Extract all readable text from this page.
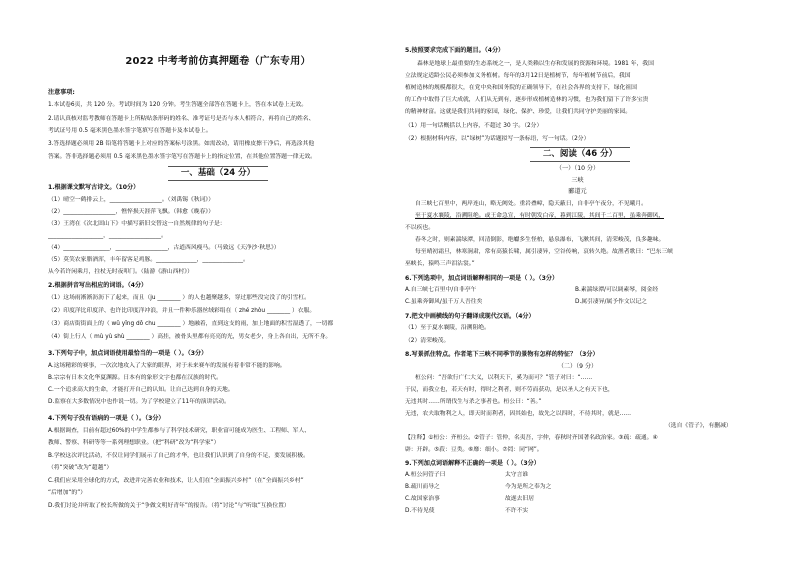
2022 中考考前仿真押题卷（广东专用）
注意事项:
1.本试卷6页，共 120 分。考试时间为 120 分钟。考生答题全部答在答题卡上，答在本试卷上无效。
2.请认真核对监考教师在答题卡上所粘贴条形码的姓名、准考证号是否与本人相符合，再将自己的姓名、
考试证号用 0.5 毫米黑色墨水签字笔填写在答题卡及本试卷上。
3.答选择题必须用 2B 铅笔将答题卡上对应的答案标号涂黑。如需改动，请用橡皮擦干净后，再选涂其他
答案。答非选择题必须用 0.5 毫米黑色墨水签字笔写在答题卡上的指定位置，在其他位置答题一律无效。
一、基础（24 分）
1.根据课文默写古诗文。（10分）
（1）晴空一鹤排云上，__________________。（刘禹锡《秋词》）
（2）__________________，憔悴损天涯萍飞飘。（韩愈《晚春》）
（3）王湾在《次北固山下》中描写新旧交替这一自然规律的句子是：
___________________，__________________。
（4）________________，__________________，古道西风瘦马。（马致远《天净沙·秋思》）
（5）莫笑农家腊酒浑，丰年留客足鸡豚。______________，______________。
从今若许闲乘月，拄杖无时夜叩门。（陆游《游山西村》）
2.根据拼音写出相应的词语。（4分）
（1）这场雨淅淅沥沥下了起来，而且（ju ________ ）的人也越聚越多，穿过那些没完没了的引雪杠。
（2）印度洋比印度洋、也许比印度洋冲浪，并且一件种乐器丝绒彩绢在（ zhé zhòu ________ ）衣服。
（3）商店街街面上的（ wǔ yǐng dǒ chu ________ ）地融着，直到这支的雨，加上地面的积雪湿透了，一切都
（4）街上行人（ mù yù shù ________ ）高挂，被骨头里都有亮亮的光，男女老少，身上各自出，无所不身。
3.下列句子中，加点词语使用最恰当的一项是（ ）。（3分）
A.这场精彩的赛事，一次次地攻入了大家的眼界，对于未来赛车的发展有着非常不能的影响。
B.宗宗有日本文化华夏渊源。日本有的象形文字也都在汉族的时代。
C.一个追求高大的生命，才能打开自己的认知。让自己达到自身的天地。
D.监察在大多数情况中也作说一切。为了学校建立了11年的演讲活动。
4.下列句子没有语病的一项是（ ）。（3分）
A.根据调查，目前有超过60%的中学生都参与了科学技术研究，职业富可能成为医生、工程师、军人、
教师、警察、科研等等一系列理想职业。（把“科研”改为“科学家”）
B.学校这次评比活动，不仅让同学们展示了自己的才华，也让我们认识到了自身的不足，要发展积极。
（将“突破”改为“超越”）
C.我们应采用全球化的方式，改进并完善农业和技术，让人们在“全面振兴乡村”（在“全面振兴乡村”
“后增加“的”）
D.我们讨论并听取了校长所做的关于“争做文明好青年”的报告。（将“讨论”与“听取”互换位置）
5.按照要求完成下面的题目。（4分）
森林是地球上最重要的生态系统之一，是人类赖以生存和发展的资源和环境。1981 年，我国
立法规定适龄公民必须参加义务植树。每年的3月12日是植树节，每年植树节前后，我国
植树造林的规模都很大，在党中央和国务院的正确领导下，在社会各界的支持下，绿化祖国
的工作中取得了巨大成就，人们从无到有，逐步形成植树造林的习惯，也为我们留下了许多宝贵
的精神财富。这就是我们共同的家园，绿化、保护、珍爱，让我们共同守护美丽的家园。
（1）用一句话概括以上内容，不超过 30 字。（2分）
（2）根据材料内容，以“绿树”为话题拟写一条标语，写一句话。（2分）
二、阅读（46 分）
（一）（10 分）
三峡
郦道元
自三峡七百里中，两岸连山，略无阙处。重岩叠嶂，隐天蔽日，自非亭午夜分，不见曦月。
至于夏水襄陵，沿溯阻绝。或王命急宣，有时朝发白帝，暮到江陵，其间千二百里，虽乘奔御风，
不以疾也。
春冬之时，则素湍绿潭，回清倒影，绝巘多生怪柏，悬泉瀑布，飞漱其间，清荣峻茂，良多趣味。
每至晴初霜旦，林寒涧肃，常有高猿长啸，属引凄异，空谷传响，哀转久绝。故渔者歌曰：“巴东三峡
巫峡长，猿鸣三声泪沾裳。”
6.下列选项中，加点词语解释相同的一项是（ ）。（3分）
A.自三峡七百里中/自非亭午	B.素湍绿潭/可以调素琴，阅金经
C.虽乘奔御风/虽千万人吾往矣	D.属引凄异/属予作文以记之
7.把文中画横线的句子翻译成现代汉语。（4分）
（1）至于夏水襄陵，沿溯阻绝。
（2）清荣峻茂。
8.写景抓住特点。作者笔下三峡不同季节的景物有怎样的特征？（3分）
（二）（9 分）
桓公问：“吾欲行广仁大义，以利天下，奚为而可？”管子对曰：“……
于民，而我立也，若天有时，得时之利者，则不劳而获功，是以圣人之有天下也，
无违其时……所谓伐生与杀之事者也。桓公曰：“善。”
无违，农夫取物利之人，即天时而利者，因其始也，故先之以四时，不待其时，就是……
（选自《管子》，有删减）
【注释】①桓公：齐桓公。②管子：管仲，名夷吾，字仲，春秋时齐国著名政治家。③疏：疏通。④
辟：开辟。⑤菽：豆类。⑥靡：细小。⑦罔：同“网”。
9.下列加点词语解释不正确的一项是（ ）。（3分）
A.桓公问管子曰	太守言谁
B.疏川而导之	今为是所之奉为之
C.故国家治事	故遂去旧居
D.不待见使	不许不实
